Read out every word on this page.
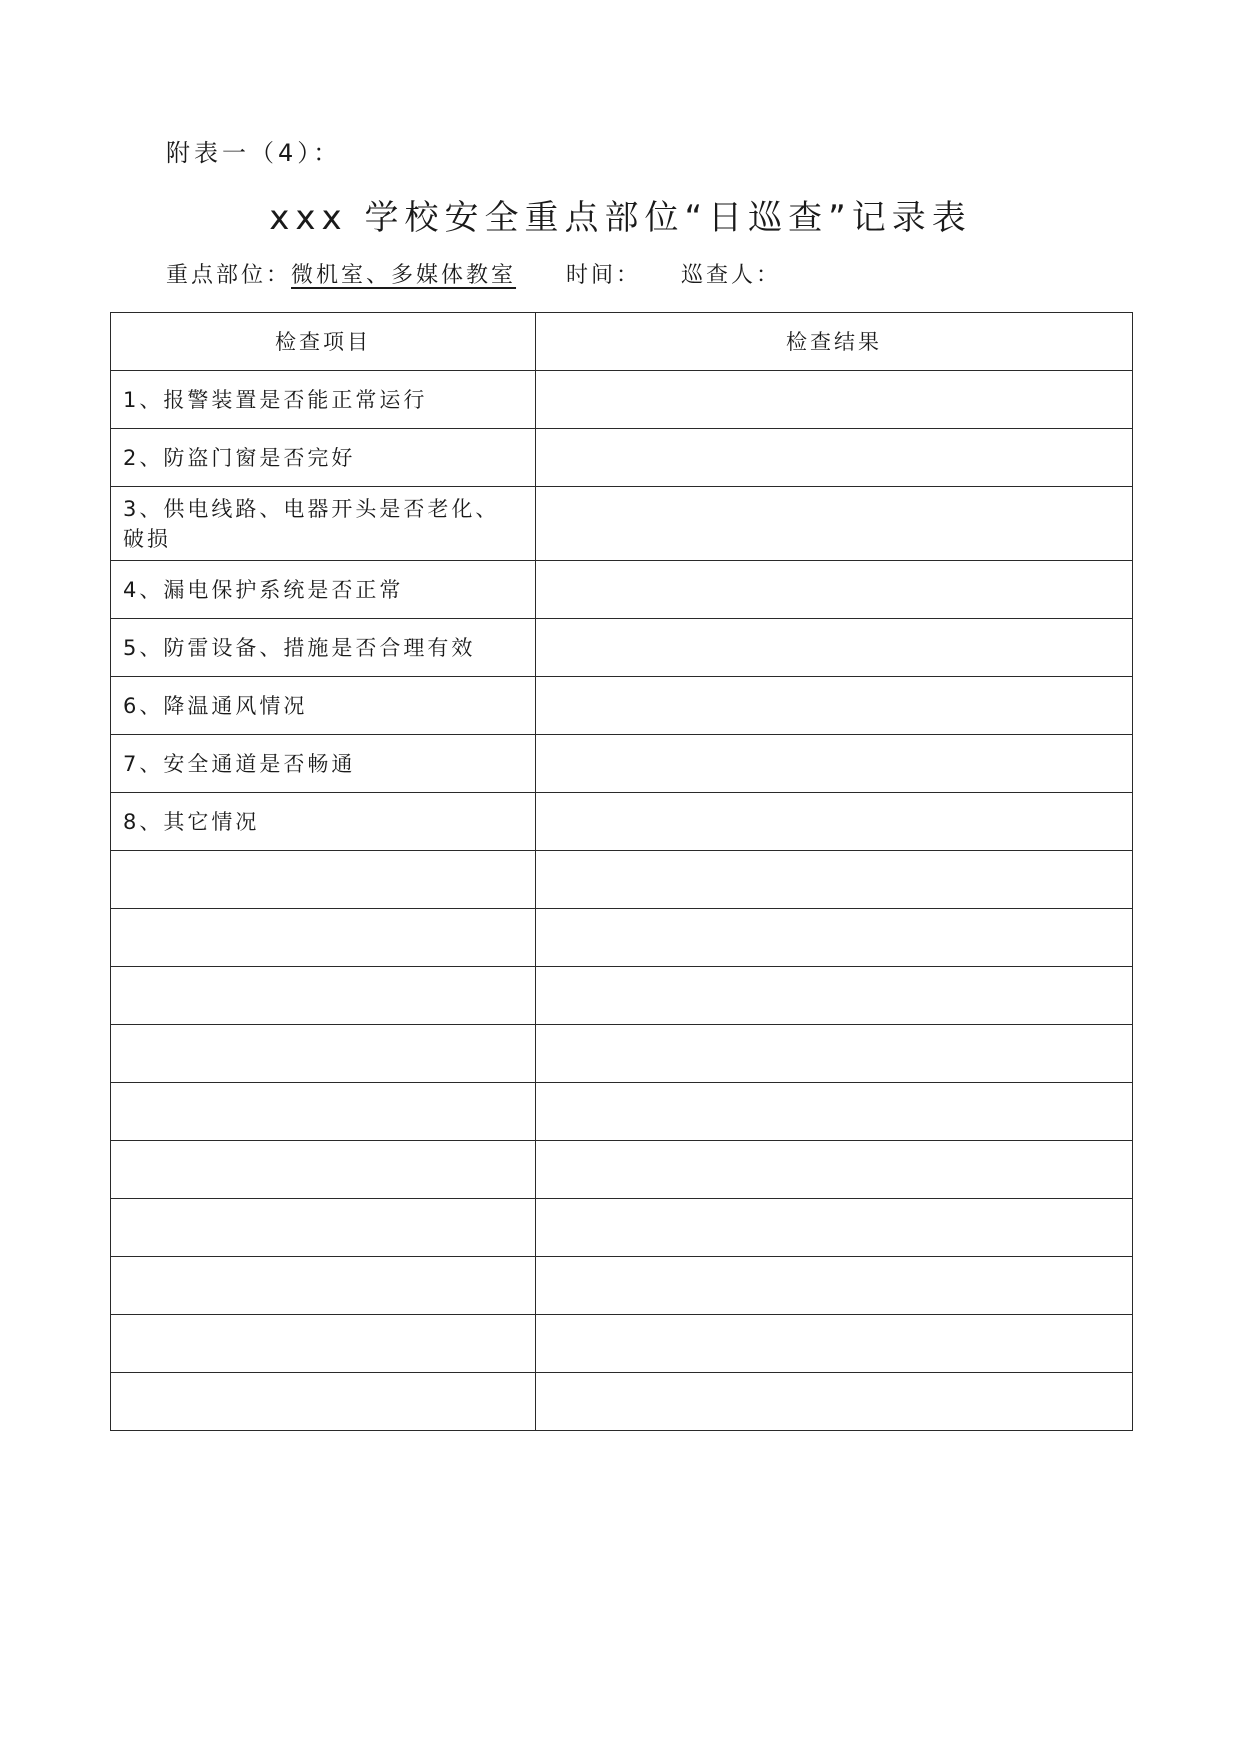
附表一（4）：
xxx 学校安全重点部位“日巡查”记录表
重点部位：微机室、多媒体教室 时间： 巡查人：
检查项目	检查结果
1、报警装置是否能正常运行	
2、防盗门窗是否完好	
3、供电线路、电器开头是否老化、破损	
4、漏电保护系统是否正常	
5、防雷设备、措施是否合理有效	
6、降温通风情况	
7、安全通道是否畅通	
8、其它情况	
